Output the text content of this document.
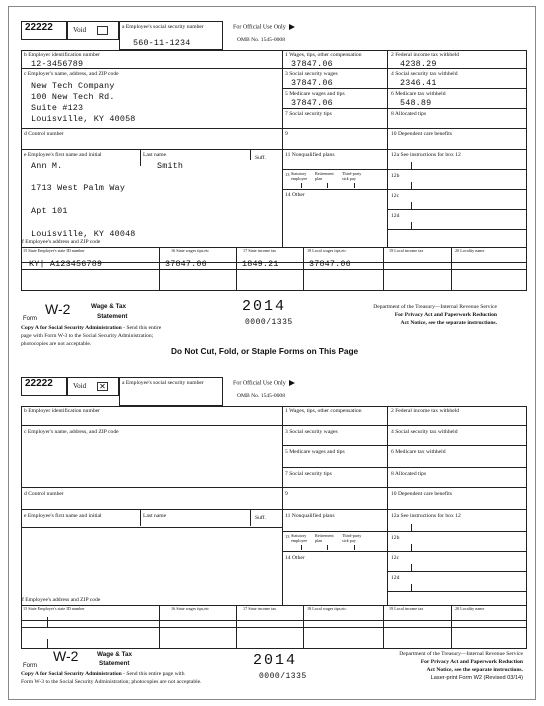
22222	Void	a Employee's social security number
560-11-1234
For Official Use Only
OMB No. 1545-0008
b Employer identification number
12-3456789
c Employer's name, address, and ZIP code
New Tech Company
100 New Tech Rd.
Suite #123
Louisville, KY 40058
d Control number
e Employee's first name and initial	Last name	Suff.
Ann M.	Smith
1713 West Palm Way
Apt 101
Louisville, KY 40048
f Employee's address and ZIP code
1 Wages, tips, other compensation
37847.06
3 Social security wages
37847.06
5 Medicare wages and tips
37847.06
7 Social security tips
9
11 Nonqualified plans
13 Statutory employee
Retirement plan
Third-party sick pay
14 Other
2 Federal income tax withheld
4238.29
4 Social security tax withheld
2346.41
6 Medicare tax withheld
548.89
8 Allocated tips
10 Dependent care benefits
12a See instructions for box 12
12b
12c
12d
15 State Employer's state ID number	16 State wages tips,etc	17 State income tax	18 Local wages tips,etc	19 Local income tax	20 Locality name
KY| A123456789	37847.06	1849.21	37847.06
Form
W-2	Wage & Tax
Statement
2014
0000/1335
Department of the Treasury—Internal Revenue Service
For Privacy Act and Paperwork Reduction
Act Notice, see the separate instructions.
Copy A for Social Security Administration - Send this entire
page with Form W-3 to the Social Security Administration;
photocopies are not acceptable.
Do Not Cut, Fold, or Staple Forms on This Page
22222	Void ✕	a Employee's social security number	For Official Use Only
OMB No. 1545-0008
b Employer identification number
c Employer's name, address, and ZIP code
d Control number
e Employee's first name and initial	Last name	Suff.
f Employee's address and ZIP code
1 Wages, tips, other compensation
3 Social security wages
5 Medicare wages and tips
7 Social security tips
9
11 Nonqualified plans
13 Statutory employee
Retirement plan
Third-party sick pay
14 Other
2 Federal income tax withheld
4 Social security tax withheld
6 Medicare tax withheld
8 Allocated tips
10 Dependent care benefits
12a See instructions for box 12
12b
12c
12d
15 State Employer's state ID number	16 State wages tips,etc	17 State income tax	18 Local wages tips,etc	19 Local income tax	20 Locality name
Form
W-2	Wage & Tax
Statement	2014
0000/1335
Department of the Treasury—Internal Revenue Service
For Privacy Act and Paperwork Reduction
Act Notice, see the separate instructions.
Laser-print Form W2 (Revised 03/14)
Copy A for Social Security Administration - Send this entire page with
Form W-3 to the Social Security Administration; photocopies are not acceptable.
